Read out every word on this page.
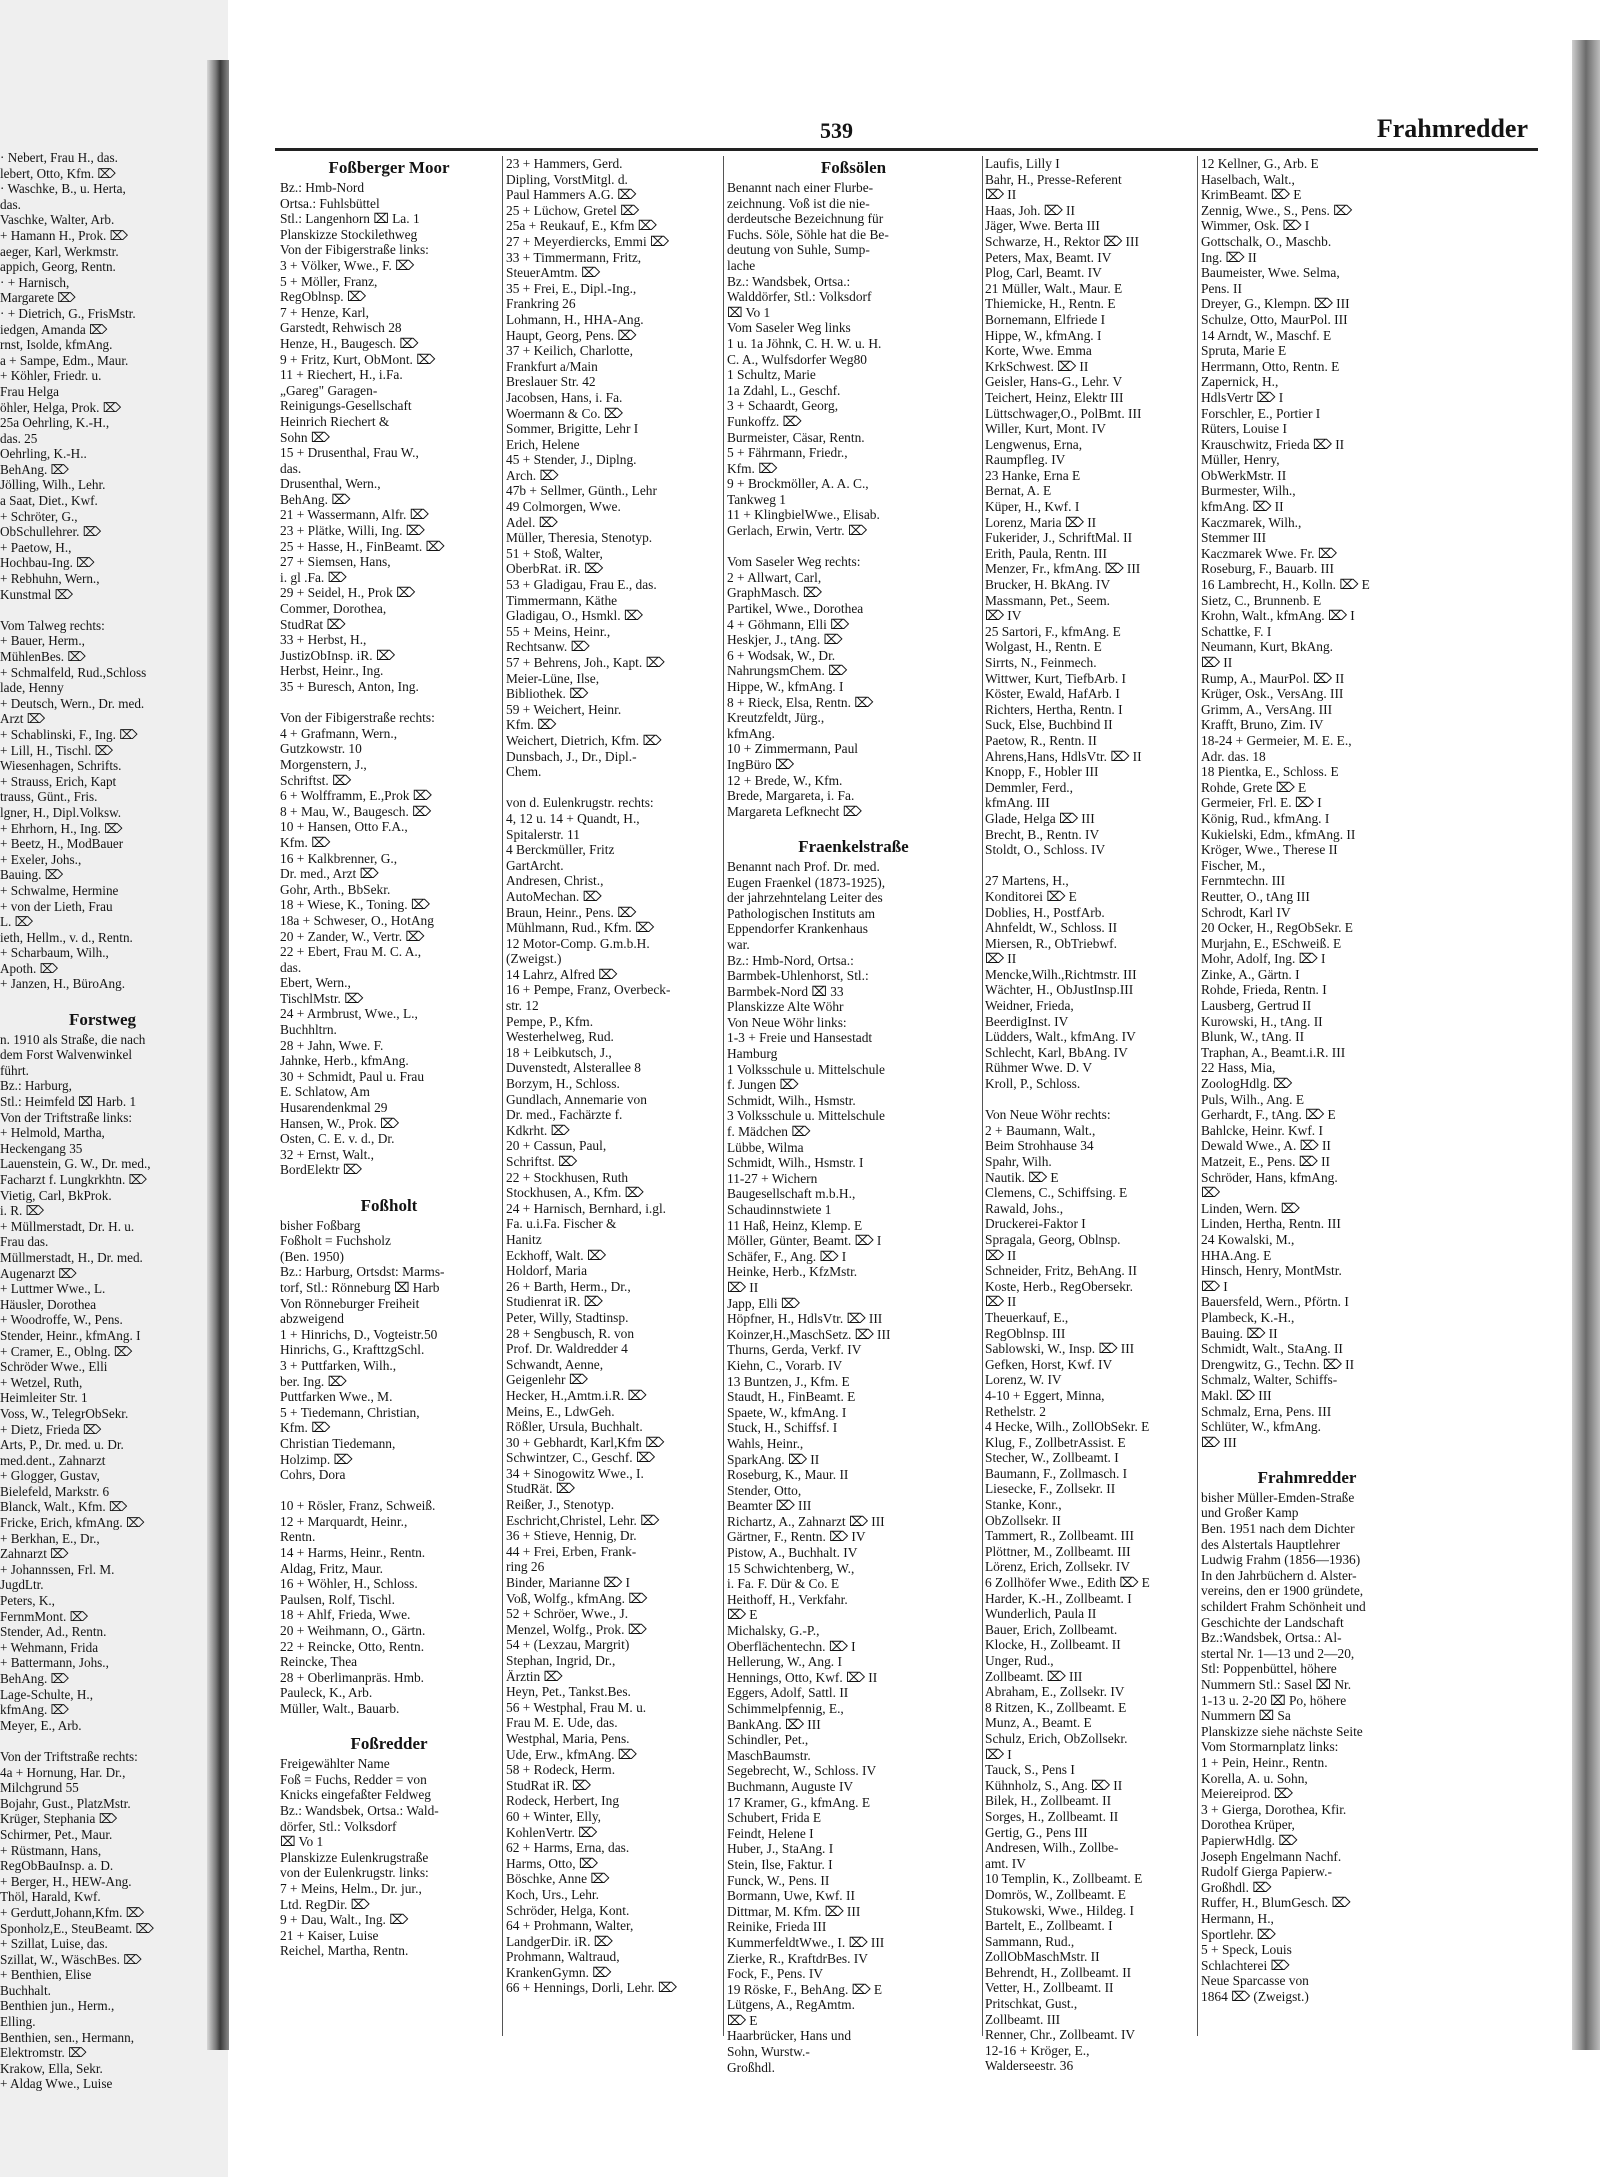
539	Frahmredder
· Nebert, Frau H., das.
lebert, Otto, Kfm. ⌦
· Waschke, B., u. Herta,
das.
Vaschke, Walter, Arb.
+ Hamann H., Prok. ⌦
aeger, Karl, Werkmstr.
appich, Georg, Rentn.
· + Harnisch,
Margarete ⌦
· + Dietrich, G., FrisMstr.
iedgen, Amanda ⌦
rnst, Isolde, kfmAng.
a + Sampe, Edm., Maur.
+ Köhler, Friedr. u.
Frau Helga
öhler, Helga, Prok. ⌦
25a Oehrling, K.-H.,
das. 25
Oehrling, K.-H..
BehAng. ⌦
Jölling, Wilh., Lehr.
a Saat, Diet., Kwf.
+ Schröter, G.,
ObSchullehrer. ⌦
+ Paetow, H.,
Hochbau-Ing. ⌦
+ Rebhuhn, Wern.,
Kunstmal ⌦
Vom Talweg rechts:
+ Bauer, Herm.,
MühlenBes. ⌦
+ Schmalfeld, Rud.,Schloss
lade, Henny
+ Deutsch, Wern., Dr. med.
Arzt ⌦
+ Schablinski, F., Ing. ⌦
+ Lill, H., Tischl. ⌦
Wiesenhagen, Schrifts.
+ Strauss, Erich, Kapt
trauss, Günt., Fris.
lgner, H., Dipl.Volksw.
+ Ehrhorn, H., Ing. ⌦
+ Beetz, H., ModBauer
+ Exeler, Johs.,
Bauing. ⌦
+ Schwalme, Hermine
+ von der Lieth, Frau
L. ⌦
ieth, Hellm., v. d., Rentn.
+ Scharbaum, Wilh.,
Apoth. ⌦
+ Janzen, H., BüroAng.
Forstweg
n. 1910 als Straße, die nach
dem Forst Walvenwinkel
führt.
Bz.: Harburg,
Stl.: Heimfeld ⌧ Harb. 1
Von der Triftstraße links:
+ Helmold, Martha,
Heckengang 35
Lauenstein, G. W., Dr. med.,
Facharzt f. Lungkrkhtn. ⌦
Vietig, Carl, BkProk.
i. R. ⌦
+ Müllmerstadt, Dr. H. u.
Frau das.
Müllmerstadt, H., Dr. med.
Augenarzt ⌦
+ Luttmer Wwe., L.
Häusler, Dorothea
+ Woodroffe, W., Pens.
Stender, Heinr., kfmAng. I
+ Cramer, E., Oblng. ⌦
Schröder Wwe., Elli
+ Wetzel, Ruth,
Heimleiter Str. 1
Voss, W., TelegrObSekr.
+ Dietz, Frieda ⌦
Arts, P., Dr. med. u. Dr.
med.dent., Zahnarzt
+ Glogger, Gustav,
Bielefeld, Markstr. 6
Blanck, Walt., Kfm. ⌦
Fricke, Erich, kfmAng. ⌦
+ Berkhan, E., Dr.,
Zahnarzt ⌦
+ Johannssen, Frl. M.
JugdLtr.
Peters, K.,
FernmMont. ⌦
Stender, Ad., Rentn.
+ Wehmann, Frida
+ Battermann, Johs.,
BehAng. ⌦
Lage-Schulte, H.,
kfmAng. ⌦
Meyer, E., Arb.
Von der Triftstraße rechts:
4a + Hornung, Har. Dr.,
Milchgrund 55
Bojahr, Gust., PlatzMstr.
Krüger, Stephania ⌦
Schirmer, Pet., Maur.
+ Rüstmann, Hans,
RegObBauInsp. a. D.
+ Berger, H., HEW-Ang.
Thöl, Harald, Kwf.
+ Gerdutt,Johann,Kfm. ⌦
Sponholz,E., SteuBeamt. ⌦
+ Szillat, Luise, das.
Szillat, W., WäschBes. ⌦
+ Benthien, Elise
Buchhalt.
Benthien jun., Herm.,
Elling.
Benthien, sen., Hermann,
Elektromstr. ⌦
Krakow, Ella, Sekr.
+ Aldag Wwe., Luise
Foßberger Moor
Bz.: Hmb-Nord
Ortsa.: Fuhlsbüttel
Stl.: Langenhorn ⌧ La. 1
Planskizze Stockilethweg
Von der Fibigerstraße links:
3 + Völker, Wwe., F. ⌦
5 + Möller, Franz,
RegOblnsp. ⌦
7 + Henze, Karl,
Garstedt, Rehwisch 28
Henze, H., Baugesch. ⌦
9 + Fritz, Kurt, ObMont. ⌦
11 + Riechert, H., i.Fa.
„Gareg" Garagen-
Reinigungs-Gesellschaft
Heinrich Riechert &
Sohn ⌦
15 + Drusenthal, Frau W.,
das.
Drusenthal, Wern.,
BehAng. ⌦
21 + Wassermann, Alfr. ⌦
23 + Plätke, Willi, Ing. ⌦
25 + Hasse, H., FinBeamt. ⌦
27 + Siemsen, Hans,
i. gl .Fa. ⌦
29 + Seidel, H., Prok ⌦
Commer, Dorothea,
StudRat ⌦
33 + Herbst, H.,
JustizObInsp. iR. ⌦
Herbst, Heinr., Ing.
35 + Buresch, Anton, Ing.
Von der Fibigerstraße rechts:
4 + Grafmann, Wern.,
Gutzkowstr. 10
Morgenstern, J.,
Schriftst. ⌦
6 + Wolfframm, E.,Prok ⌦
8 + Mau, W., Baugesch. ⌦
10 + Hansen, Otto F.A.,
Kfm. ⌦
16 + Kalkbrenner, G.,
Dr. med., Arzt ⌦
Gohr, Arth., BbSekr.
18 + Wiese, K., Toning. ⌦
18a + Schweser, O., HotAng
20 + Zander, W., Vertr. ⌦
22 + Ebert, Frau M. C. A.,
das.
Ebert, Wern.,
TischlMstr. ⌦
24 + Armbrust, Wwe., L.,
Buchhltrn.
28 + Jahn, Wwe. F.
Jahnke, Herb., kfmAng.
30 + Schmidt, Paul u. Frau
E. Schlatow, Am
Husarendenkmal 29
Hansen, W., Prok. ⌦
Osten, C. E. v. d., Dr.
32 + Ernst, Walt.,
BordElektr ⌦
Foßholt
bisher Foßbarg
Foßholt = Fuchsholz
(Ben. 1950)
Bz.: Harburg, Ortsdst: Marms-
torf, Stl.: Rönneburg ⌧ Harb
Von Rönneburger Freiheit
abzweigend
1 + Hinrichs, D., Vogteistr.50
Hinrichs, G., KrafttzgSchl.
3 + Puttfarken, Wilh.,
ber. Ing. ⌦
Puttfarken Wwe., M.
5 + Tiedemann, Christian,
Kfm. ⌦
Christian Tiedemann,
Holzimp. ⌦
Cohrs, Dora
10 + Rösler, Franz, Schweiß.
12 + Marquardt, Heinr.,
Rentn.
14 + Harms, Heinr., Rentn.
Aldag, Fritz, Maur.
16 + Wöhler, H., Schloss.
Paulsen, Rolf, Tischl.
18 + Ahlf, Frieda, Wwe.
20 + Weihmann, O., Gärtn.
22 + Reincke, Otto, Rentn.
Reincke, Thea
28 + Oberlimanpräs. Hmb.
Pauleck, K., Arb.
Müller, Walt., Bauarb.
Foßredder
Freigewählter Name
Foß = Fuchs, Redder = von
Knicks eingefaßter Feldweg
Bz.: Wandsbek, Ortsa.: Wald-
dörfer, Stl.: Volksdorf
⌧ Vo 1
Planskizze Eulenkrugstraße
von der Eulenkrugstr. links:
7 + Meins, Helm., Dr. jur.,
Ltd. RegDir. ⌦
9 + Dau, Walt., Ing. ⌦
21 + Kaiser, Luise
Reichel, Martha, Rentn.
23 + Hammers, Gerd.
Dipling, VorstMitgl. d.
Paul Hammers A.G. ⌦
25 + Lüchow, Gretel ⌦
25a + Reukauf, E., Kfm ⌦
27 + Meyerdiercks, Emmi ⌦
33 + Timmermann, Fritz,
SteuerAmtm. ⌦
35 + Frei, E., Dipl.-Ing.,
Frankring 26
Lohmann, H., HHA-Ang.
Haupt, Georg, Pens. ⌦
37 + Keilich, Charlotte,
Frankfurt a/Main
Breslauer Str. 42
Jacobsen, Hans, i. Fa.
Woermann & Co. ⌦
Sommer, Brigitte, Lehr I
Erich, Helene
45 + Stender, J., Diplng.
Arch. ⌦
47b + Sellmer, Günth., Lehr
49 Colmorgen, Wwe.
Adel. ⌦
Müller, Theresia, Stenotyp.
51 + Stoß, Walter,
OberbRat. iR. ⌦
53 + Gladigau, Frau E., das.
Timmermann, Käthe
Gladigau, O., Hsmkl. ⌦
55 + Meins, Heinr.,
Rechtsanw. ⌦
57 + Behrens, Joh., Kapt. ⌦
Meier-Lüne, Ilse,
Bibliothek. ⌦
59 + Weichert, Heinr.
Kfm. ⌦
Weichert, Dietrich, Kfm. ⌦
Dunsbach, J., Dr., Dipl.-
Chem.
von d. Eulenkrugstr. rechts:
4, 12 u. 14 + Quandt, H.,
Spitalerstr. 11
4 Berckmüller, Fritz
GartArcht.
Andresen, Christ.,
AutoMechan. ⌦
Braun, Heinr., Pens. ⌦
Mühlmann, Rud., Kfm. ⌦
12 Motor-Comp. G.m.b.H.
(Zweigst.)
14 Lahrz, Alfred ⌦
16 + Pempe, Franz, Overbeck-
str. 12
Pempe, P., Kfm.
Westerhelweg, Rud.
18 + Leibkutsch, J.,
Duvenstedt, Alsterallee 8
Borzym, H., Schloss.
Gundlach, Annemarie von
Dr. med., Fachärzte f.
Kdkrht. ⌦
20 + Cassun, Paul,
Schriftst. ⌦
22 + Stockhusen, Ruth
Stockhusen, A., Kfm. ⌦
24 + Harnisch, Bernhard, i.gl.
Fa. u.i.Fa. Fischer &
Hanitz
Eckhoff, Walt. ⌦
Holdorf, Maria
26 + Barth, Herm., Dr.,
Studienrat iR. ⌦
Peter, Willy, Stadtinsp.
28 + Sengbusch, R. von
Prof. Dr. Waldredder 4
Schwandt, Aenne,
Geigenlehr ⌦
Hecker, H.,Amtm.i.R. ⌦
Meins, E., LdwGeh.
Rößler, Ursula, Buchhalt.
30 + Gebhardt, Karl,Kfm ⌦
Schwintzer, C., Geschf. ⌦
34 + Sinogowitz Wwe., I.
StudRät. ⌦
Reißer, J., Stenotyp.
Eschricht,Christel, Lehr. ⌦
36 + Stieve, Hennig, Dr.
44 + Frei, Erben, Frank-
ring 26
Binder, Marianne ⌦ I
Voß, Wolfg., kfmAng. ⌦
52 + Schröer, Wwe., J.
Menzel, Wolfg., Prok. ⌦
54 + (Lexzau, Margrit)
Stephan, Ingrid, Dr.,
Ärztin ⌦
Heyn, Pet., Tankst.Bes.
56 + Westphal, Frau M. u.
Frau M. E. Ude, das.
Westphal, Maria, Pens.
Ude, Erw., kfmAng. ⌦
58 + Rodeck, Herm.
StudRat iR. ⌦
Rodeck, Herbert, Ing
60 + Winter, Elly,
KohlenVertr. ⌦
62 + Harms, Erna, das.
Harms, Otto, ⌦
Böschke, Anne ⌦
Koch, Urs., Lehr.
Schröder, Helga, Kont.
64 + Prohmann, Walter,
LandgerDir. iR. ⌦
Prohmann, Waltraud,
KrankenGymn. ⌦
66 + Hennings, Dorli, Lehr. ⌦
Foßsölen
Benannt nach einer Flurbe-
zeichnung. Voß ist die nie-
derdeutsche Bezeichnung für
Fuchs. Söle, Söhle hat die Be-
deutung von Suhle, Sump-
lache
Bz.: Wandsbek, Ortsa.:
Walddörfer, Stl.: Volksdorf
⌧ Vo 1
Vom Saseler Weg links
1 u. 1a Jöhnk, C. H. W. u. H.
C. A., Wulfsdorfer Weg80
1 Schultz, Marie
1a Zdahl, L., Geschf.
3 + Schaardt, Georg,
Funkoffz. ⌦
Burmeister, Cäsar, Rentn.
5 + Fährmann, Friedr.,
Kfm. ⌦
9 + Brockmöller, A. A. C.,
Tankweg 1
11 + KlingbielWwe., Elisab.
Gerlach, Erwin, Vertr. ⌦
Vom Saseler Weg rechts:
2 + Allwart, Carl,
GraphMasch. ⌦
Partikel, Wwe., Dorothea
4 + Göhmann, Elli ⌦
Heskjer, J., tAng. ⌦
6 + Wodsak, W., Dr.
NahrungsmChem. ⌦
Hippe, W., kfmAng. I
8 + Rieck, Elsa, Rentn. ⌦
Kreutzfeldt, Jürg.,
kfmAng.
10 + Zimmermann, Paul
IngBüro ⌦
12 + Brede, W., Kfm.
Brede, Margareta, i. Fa.
Margareta Lefknecht ⌦
Fraenkelstraße
Benannt nach Prof. Dr. med.
Eugen Fraenkel (1873-1925),
der jahrzehntelang Leiter des
Pathologischen Instituts am
Eppendorfer Krankenhaus
war.
Bz.: Hmb-Nord, Ortsa.:
Barmbek-Uhlenhorst, Stl.:
Barmbek-Nord ⌧ 33
Planskizze Alte Wöhr
Von Neue Wöhr links:
1-3 + Freie und Hansestadt
Hamburg
1 Volksschule u. Mittelschule
f. Jungen ⌦
Schmidt, Wilh., Hsmstr.
3 Volksschule u. Mittelschule
f. Mädchen ⌦
Lübbe, Wilma
Schmidt, Wilh., Hsmstr. I
11-27 + Wichern
Baugesellschaft m.b.H.,
Schaudinnstwiete 1
11 Haß, Heinz, Klemp. E
Möller, Günter, Beamt. ⌦ I
Schäfer, F., Ang. ⌦ I
Heinke, Herb., KfzMstr.
⌦ II
Japp, Elli ⌦
Höpfner, H., HdlsVtr. ⌦ III
Koinzer,H.,MaschSetz. ⌦ III
Thurns, Gerda, Verkf. IV
Kiehn, C., Vorarb. IV
13 Buntzen, J., Kfm. E
Staudt, H., FinBeamt. E
Spaete, W., kfmAng. I
Stuck, H., Schiffsf. I
Wahls, Heinr.,
SparkAng. ⌦ II
Roseburg, K., Maur. II
Stender, Otto,
Beamter ⌦ III
Richartz, A., Zahnarzt ⌦ III
Gärtner, F., Rentn. ⌦ IV
Pistow, A., Buchhalt. IV
15 Schwichtenberg, W.,
i. Fa. F. Dür & Co. E
Heithoff, H., Verkfahr.
⌦ E
Michalsky, G.-P.,
Oberflächentechn. ⌦ I
Hellerung, W., Ang. I
Hennings, Otto, Kwf. ⌦ II
Eggers, Adolf, Sattl. II
Schimmelpfennig, E.,
BankAng. ⌦ III
Schindler, Pet.,
MaschBaumstr.
Segebrecht, W., Schloss. IV
Buchmann, Auguste IV
17 Kramer, G., kfmAng. E
Schubert, Frida E
Feindt, Helene I
Huber, J., StaAng. I
Stein, Ilse, Faktur. I
Funck, W., Pens. II
Bormann, Uwe, Kwf. II
Dittmar, M. Kfm. ⌦ III
Reinike, Frieda III
KummerfeldtWwe., I. ⌦ III
Zierke, R., KraftdrBes. IV
Fock, F., Pens. IV
19 Röske, F., BehAng. ⌦ E
Lütgens, A., RegAmtm.
⌦ E
Haarbrücker, Hans und
Sohn, Wurstw.-
Großhdl.
Laufis, Lilly I
Bahr, H., Presse-Referent
⌦ II
Haas, Joh. ⌦ II
Jäger, Wwe. Berta III
Schwarze, H., Rektor ⌦ III
Peters, Max, Beamt. IV
Plog, Carl, Beamt. IV
21 Müller, Walt., Maur. E
Thiemicke, H., Rentn. E
Bornemann, Elfriede I
Hippe, W., kfmAng. I
Korte, Wwe. Emma
KrkSchwest. ⌦ II
Geisler, Hans-G., Lehr. V
Teichert, Heinz, Elektr III
Lüttschwager,O., PolBmt. III
Willer, Kurt, Mont. IV
Lengwenus, Erna,
Raumpfleg. IV
23 Hanke, Erna E
Bernat, A. E
Küper, H., Kwf. I
Lorenz, Maria ⌦ II
Fukerider, J., SchriftMal. II
Erith, Paula, Rentn. III
Menzer, Fr., kfmAng. ⌦ III
Brucker, H. BkAng. IV
Massmann, Pet., Seem.
⌦ IV
25 Sartori, F., kfmAng. E
Wolgast, H., Rentn. E
Sirrts, N., Feinmech.
Wittwer, Kurt, TiefbArb. I
Köster, Ewald, HafArb. I
Richters, Hertha, Rentn. I
Suck, Else, Buchbind II
Paetow, R., Rentn. II
Ahrens,Hans, HdlsVtr. ⌦ II
Knopp, F., Hobler III
Demmler, Ferd.,
kfmAng. III
Glade, Helga ⌦ III
Brecht, B., Rentn. IV
Stoldt, O., Schloss. IV
27 Martens, H.,
Konditorei ⌦ E
Doblies, H., PostfArb.
Ahnfeldt, W., Schloss. II
Miersen, R., ObTriebwf.
⌦ II
Mencke,Wilh.,Richtmstr. III
Wächter, H., ObJustInsp.III
Weidner, Frieda,
BeerdigInst. IV
Lüdders, Walt., kfmAng. IV
Schlecht, Karl, BbAng. IV
Rühmer Wwe. D. V
Kroll, P., Schloss.
Von Neue Wöhr rechts:
2 + Baumann, Walt.,
Beim Strohhause 34
Spahr, Wilh.
Nautik. ⌦ E
Clemens, C., Schiffsing. E
Rawald, Johs.,
Druckerei-Faktor I
Spragala, Georg, Oblnsp.
⌦ II
Schneider, Fritz, BehAng. II
Koste, Herb., RegObersekr.
⌦ II
Theuerkauf, E.,
RegOblnsp. III
Sablowski, W., Insp. ⌦ III
Gefken, Horst, Kwf. IV
Lorenz, W. IV
4-10 + Eggert, Minna,
Rethelstr. 2
4 Hecke, Wilh., ZollObSekr. E
Klug, F., ZollbetrAssist. E
Stecher, W., Zollbeamt. I
Baumann, F., Zollmasch. I
Liesecke, F., Zollsekr. II
Stanke, Konr.,
ObZollsekr. II
Tammert, R., Zollbeamt. III
Plöttner, M., Zollbeamt. III
Lörenz, Erich, Zollsekr. IV
6 Zollhöfer Wwe., Edith ⌦ E
Harder, K.-H., Zollbeamt. I
Wunderlich, Paula II
Bauer, Erich, Zollbeamt.
Klocke, H., Zollbeamt. II
Unger, Rud.,
Zollbeamt. ⌦ III
Abraham, E., Zollsekr. IV
8 Ritzen, K., Zollbeamt. E
Munz, A., Beamt. E
Schulz, Erich, ObZollsekr.
⌦ I
Tauck, S., Pens I
Kühnholz, S., Ang. ⌦ II
Bilek, H., Zollbeamt. II
Sorges, H., Zollbeamt. II
Gertig, G., Pens III
Andresen, Wilh., Zollbe-
amt. IV
10 Templin, K., Zollbeamt. E
Domrös, W., Zollbeamt. E
Stukowski, Wwe., Hildeg. I
Bartelt, E., Zollbeamt. I
Sammann, Rud.,
ZollObMaschMstr. II
Behrendt, H., Zollbeamt. II
Vetter, H., Zollbeamt. II
Pritschkat, Gust.,
Zollbeamt. III
Renner, Chr., Zollbeamt. IV
12-16 + Kröger, E.,
Walderseestr. 36
12 Kellner, G., Arb. E
Haselbach, Walt.,
KrimBeamt. ⌦ E
Zennig, Wwe., S., Pens. ⌦
Wimmer, Osk. ⌦ I
Gottschalk, O., Maschb.
Ing. ⌦ II
Baumeister, Wwe. Selma,
Pens. II
Dreyer, G., Klempn. ⌦ III
Schulze, Otto, MaurPol. III
14 Arndt, W., Maschf. E
Spruta, Marie E
Herrmann, Otto, Rentn. E
Zapernick, H.,
HdlsVertr ⌦ I
Forschler, E., Portier I
Rüters, Louise I
Krauschwitz, Frieda ⌦ II
Müller, Henry,
ObWerkMstr. II
Burmester, Wilh.,
kfmAng. ⌦ II
Kaczmarek, Wilh.,
Stemmer III
Kaczmarek Wwe. Fr. ⌦
Roseburg, F., Bauarb. III
16 Lambrecht, H., Kolln. ⌦ E
Sietz, C., Brunnenb. E
Krohn, Walt., kfmAng. ⌦ I
Schattke, F. I
Neumann, Kurt, BkAng.
⌦ II
Rump, A., MaurPol. ⌦ II
Krüger, Osk., VersAng. III
Grimm, A., VersAng. III
Krafft, Bruno, Zim. IV
18-24 + Germeier, M. E. E.,
Adr. das. 18
18 Pientka, E., Schloss. E
Rohde, Grete ⌦ E
Germeier, Frl. E. ⌦ I
König, Rud., kfmAng. I
Kukielski, Edm., kfmAng. II
Kröger, Wwe., Therese II
Fischer, M.,
Fernmtechn. III
Reutter, O., tAng III
Schrodt, Karl IV
20 Ocker, H., RegObSekr. E
Murjahn, E., ESchweiß. E
Mohr, Adolf, Ing. ⌦ I
Zinke, A., Gärtn. I
Rohde, Frieda, Rentn. I
Lausberg, Gertrud II
Kurowski, H., tAng. II
Blunk, W., tAng. II
Traphan, A., Beamt.i.R. III
22 Hass, Mia,
ZoologHdlg. ⌦
Puls, Wilh., Ang. E
Gerhardt, F., tAng. ⌦ E
Bahlcke, Heinr. Kwf. I
Dewald Wwe., A. ⌦ II
Matzeit, E., Pens. ⌦ II
Schröder, Hans, kfmAng.
⌦
Linden, Wern. ⌦
Linden, Hertha, Rentn. III
24 Kowalski, M.,
HHA.Ang. E
Hinsch, Henry, MontMstr.
⌦ I
Bauersfeld, Wern., Pförtn. I
Plambeck, K.-H.,
Bauing. ⌦ II
Schmidt, Walt., StaAng. II
Drengwitz, G., Techn. ⌦ II
Schmalz, Walter, Schiffs-
Makl. ⌦ III
Schmalz, Erna, Pens. III
Schlüter, W., kfmAng.
⌦ III
Frahmredder
bisher Müller-Emden-Straße
und Großer Kamp
Ben. 1951 nach dem Dichter
des Alstertals Hauptlehrer
Ludwig Frahm (1856—1936)
In den Jahrbüchern d. Alster-
vereins, den er 1900 gründete,
schildert Frahm Schönheit und
Geschichte der Landschaft
Bz.:Wandsbek, Ortsa.: Al-
stertal Nr. 1—13 und 2—20,
Stl: Poppenbüttel, höhere
Nummern Stl.: Sasel ⌧ Nr.
1-13 u. 2-20 ⌧ Po, höhere
Nummern ⌧ Sa
Planskizze siehe nächste Seite
Vom Stormarnplatz links:
1 + Pein, Heinr., Rentn.
Korella, A. u. Sohn,
Meiereiprod. ⌦
3 + Gierga, Dorothea, Kfir.
Dorothea Krüper,
PapierwHdlg. ⌦
Joseph Engelmann Nachf.
Rudolf Gierga Papierw.-
Großhdl. ⌦
Ruffer, H., BlumGesch. ⌦
Hermann, H.,
Sportlehr. ⌦
5 + Speck, Louis
Schlachterei ⌦
Neue Sparcasse von
1864 ⌦ (Zweigst.)
